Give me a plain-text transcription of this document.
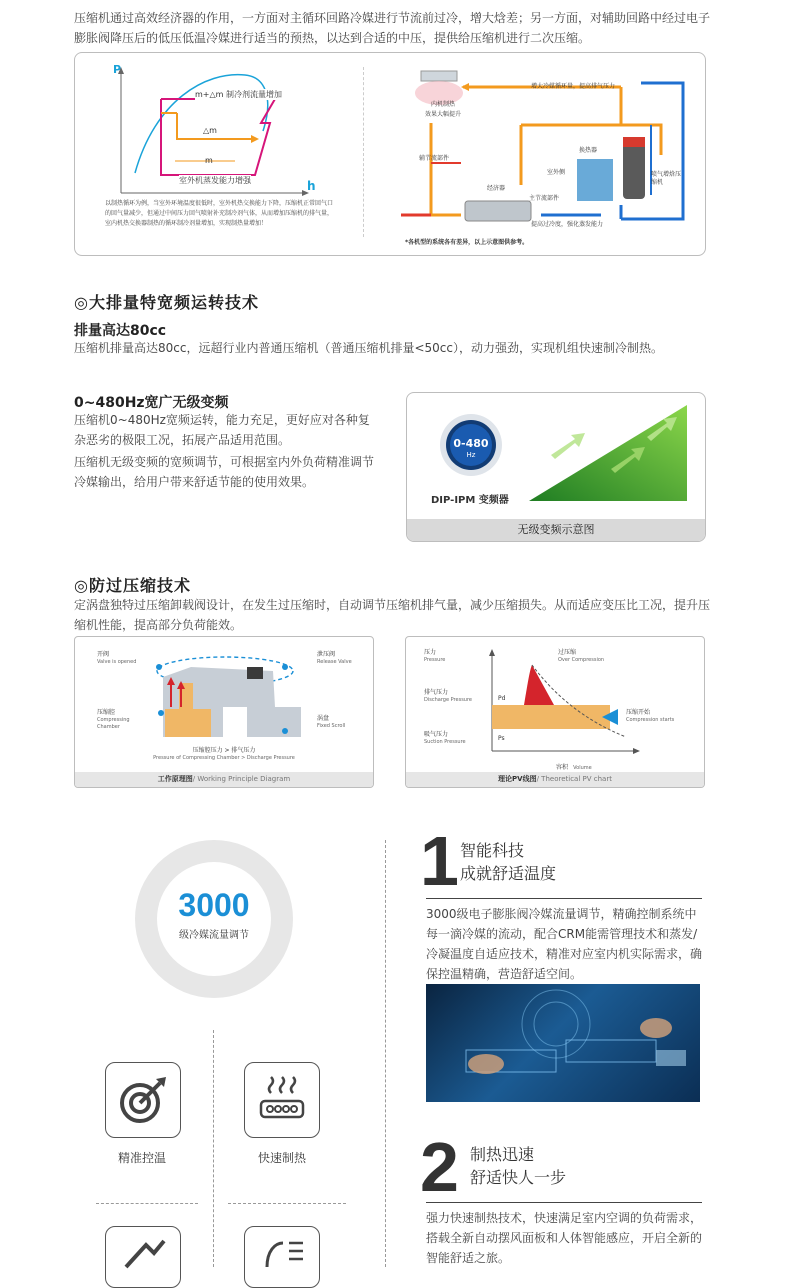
压缩机通过高效经济器的作用，一方面对主循环回路冷媒进行节流前过冷，增大焓差；另一方面，对辅助回路中经过电子膨胀阀降压后的低压低温冷媒进行适当的预热，以达到合适的中压，提供给压缩机进行二次压缩。
P
h
m+△m 制冷剂流量增加
△m
m
室外机蒸发能力增强
以制热循环为例，当室外环境温度很低时，室外机热交换能力下降，压缩机正常回气口的回气量减少，但通过中间压力回气喷射补充制冷剂气体，从而增加压缩机的排气量，室内机热交换器制热的循环制冷剂量增加，实现制热量增加！
增大冷媒循环量，提高排气压力
内机制热
效果大幅提升
辅节流部件
换热器
室外侧
经济器
主节流部件
提高过冷度，强化蒸发能力
喷气增焓压缩机
*各机型的系统各有差异，以上示意图供参考。
◎大排量特宽频运转技术
排量高达80cc
压缩机排量高达80cc，远超行业内普通压缩机（普通压缩机排量<50cc），动力强劲，实现机组快速制冷制热。
0~480Hz宽广无级变频
压缩机0~480Hz宽频运转，能力充足，更好应对各种复杂恶劣的极限工况，拓展产品适用范围。
压缩机无级变频的宽频调节，可根据室内外负荷精准调节冷媒输出，给用户带来舒适节能的使用效果。
0-480
Hz
DIP-IPM 变频器
无级变频示意图
◎防过压缩技术
定涡盘独特过压缩卸载阀设计，在发生过压缩时，自动调节压缩机排气量，减少压缩损失。从而适应变压比工况，提升压缩机性能，提高部分负荷能效。
开阀
Valve is opened
泄压阀
Release Valve
压缩腔
Compressing
Chamber
涡盘
Fixed Scroll
压缩腔压力 > 排气压力
Pressure of Compressing Chamber > Discharge Pressure
工作原理图/ Working Principle Diagram
压力
Pressure
过压缩
Over Compression
排气压力
Discharge Pressure	Pd
压缩开始
Compression starts
吸气压力
Suction Pressure	Ps
容积 Volume
理论PV线图/ Theoretical PV chart
3000
级冷媒流量调节
精准控温	快速制热
1 智能科技
成就舒适温度
3000级电子膨胀阀冷媒流量调节，精确控制系统中每一滴冷媒的流动，配合CRM能需管理技术和蒸发/冷凝温度自适应技术，精准对应室内机实际需求，确保控温精确，营造舒适空间。
2 制热迅速
舒适快人一步
强力快速制热技术，快速满足室内空调的负荷需求，搭载全新自动摆风面板和人体智能感应，开启全新的智能舒适之旅。
